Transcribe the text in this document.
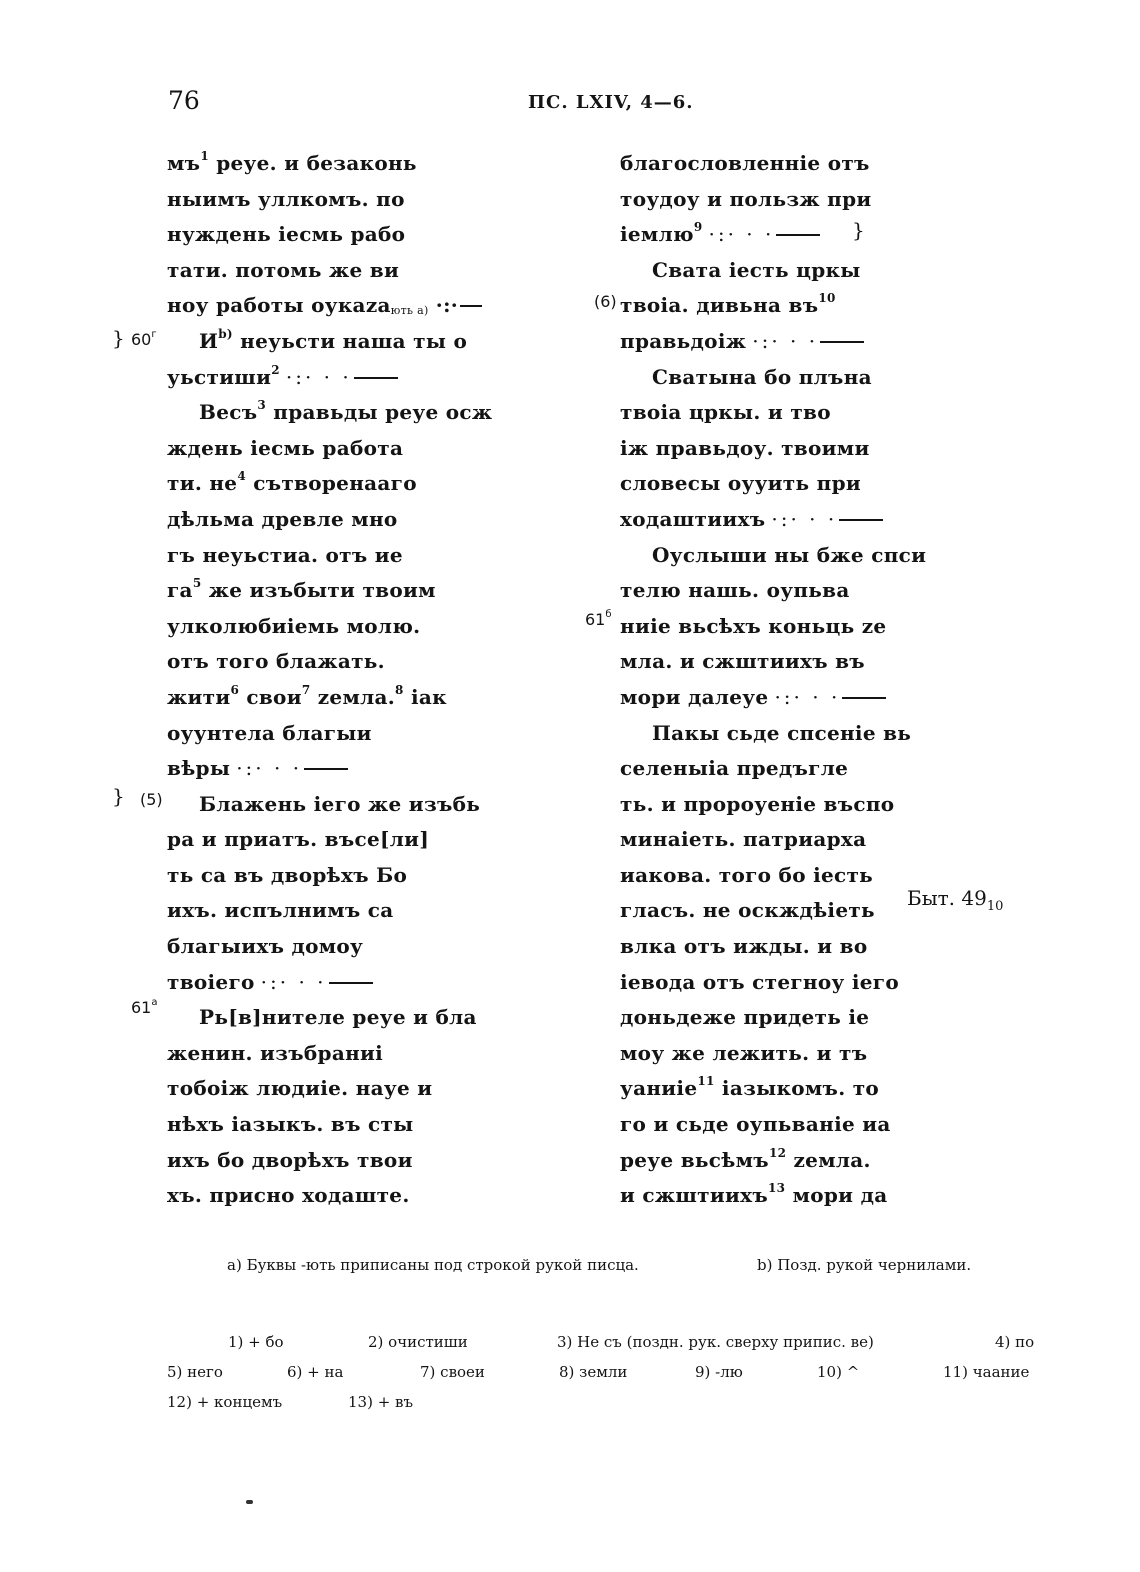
76	ПС. LXIV, 4—6.
$мъ^1$ реуе. и безаконь
ныимъ уллкомъ. по
нуждень іесмь рабо
тати. потомь же ви
ноу работы оукаzають a) ·:·
$И^{b)}$ неуьсти наша ты о
уьстиши$^2$ ·:· · ·
Весъ$^3$ правьды реуе осж
ждень іесмь работа
ти. $не^4$ сътворенааго
дѣльма древле мно
гъ неуьстиа. отъ ие
$га^5$ же изъбыти твоим
улколюбиіемь молю.
отъ того блажать.
жити$^6$ свои$^7$ zемла.$^8$ іак
оуунтела благыи
вѣры ·:· · ·
Блажень іего же изъбь
ра и приатъ. въсе[ли]
ть са въ дворѣхъ Бо
ихъ. испълнимъ са
благыихъ домоу
твоіего ·:· · ·
Рь[в]нителе реуе и бла
женин. изъбраниі
тобоіж людиіе. науе и
нѣхъ іазыкъ. въ сты
ихъ бо дворѣхъ твои
хъ. присно ходаште.
благословленніе отъ
тоудоу и пользж при
іемлю$^9$ ·:· · ·
Свата іесть цркы
твоіа. дивьна $въ^{10}$
правьдоіж ·:· · ·
Сватына бо плъна
твоіа цркы. и тво
іж правьдоу. твоими
словесы оууить при
ходаштиихъ ·:· · ·
Оуслыши ны бже спси
телю нашь. оупьва
ниіе вьсѣхъ коньць zе
мла. и сжштиихъ въ
мори далеуе ·:· · ·
Пакы сьде спсеніе вь
селеныіа предъгле
ть. и пророуеніе въспо
минаіеть. патриарха
иакова. того бо іесть
гласъ. не оскждѣіеть
влка отъ ижды. и во
іевода отъ стегноу іего
доньдеже придеть іе
моу же лежить. и тъ
уаниіе$^{11}$ іазыкомъ. то
го и сьде оупьваніе иа
реуе вьсѣмъ$^{12}$ zемла.
и сжштиихъ$^{13}$ мори да
} $60^г$
} (5)
$61^а$
}
(6)
$61^б$
Быт. $49_{10}$
a) Буквы -ють приписаны под строкой рукой писца.	b) Позд. рукой чернилами.
1) + бо	2) очистиши	3) Не съ (поздн. рук. сверху припис. ве)	4) по
5) него	6) + на	7) своеи	8) земли	9) -лю	10) ^	11) чаание
12) + концемъ	13) + въ
